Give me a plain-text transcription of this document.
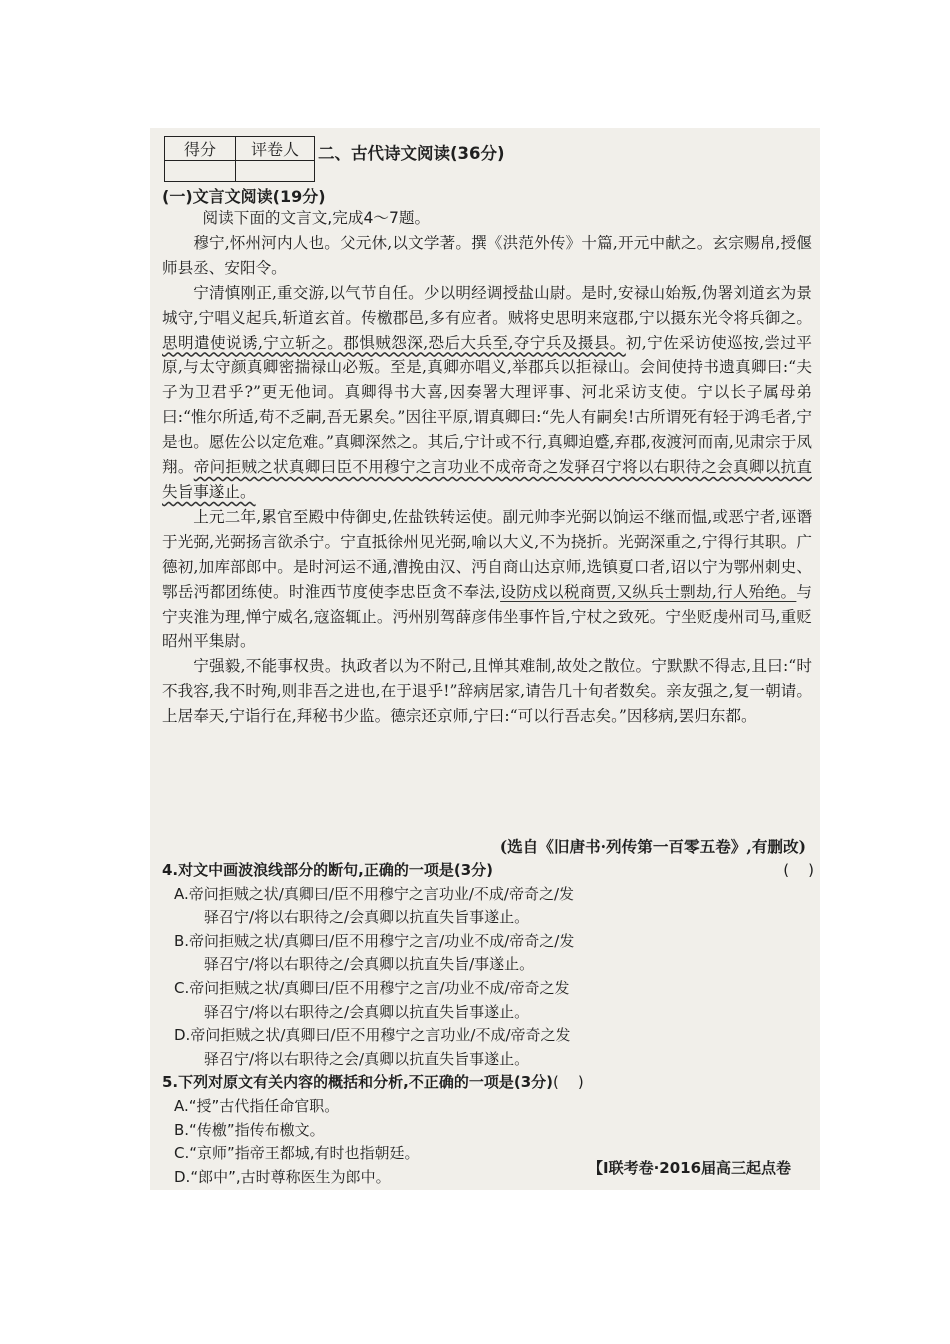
得分	评卷人
	二、古代诗文阅读(36分)
(一)文言文阅读(19分)

阅读下面的文言文,完成4～7题。

穆宁,怀州河内人也。父元休,以文学著。撰《洪范外传》十篇,开元中献之。玄宗赐帛,授偃师县丞、安阳令。

宁清慎刚正,重交游,以气节自任。少以明经调授盐山尉。是时,安禄山始叛,伪署刘道玄为景城守,宁唱义起兵,斩道玄首。传檄郡邑,多有应者。贼将史思明来寇郡,宁以摄东光令将兵御之。思明遣使说诱,宁立斩之。郡惧贼怨深,恐后大兵至,夺宁兵及摄县。初,宁佐采访使巡按,尝过平原,与太守颜真卿密揣禄山必叛。至是,真卿亦唱义,举郡兵以拒禄山。会间使持书遗真卿曰:“夫子为卫君乎?”更无他词。真卿得书大喜,因奏署大理评事、河北采访支使。宁以长子属母弟曰:“惟尔所适,苟不乏嗣,吾无累矣。”因往平原,谓真卿曰:“先人有嗣矣!古所谓死有轻于鸿毛者,宁是也。愿佐公以定危难。”真卿深然之。其后,宁计或不行,真卿迫蹙,弃郡,夜渡河而南,见肃宗于凤翔。帝问拒贼之状真卿曰臣不用穆宁之言功业不成帝奇之发驿召宁将以右职待之会真卿以抗直失旨事遂止。

上元二年,累官至殿中侍御史,佐盐铁转运使。副元帅李光弼以饷运不继而愠,或恶宁者,诬谮于光弼,光弼扬言欲杀宁。宁直抵徐州见光弼,喻以大义,不为挠折。光弼深重之,宁得行其职。广德初,加库部郎中。是时河运不通,漕挽由汉、沔自商山达京师,选镇夏口者,诏以宁为鄂州刺史、鄂岳沔都团练使。时淮西节度使李忠臣贪不奉法,设防戍以税商贾,又纵兵士剽劫,行人殆绝。与宁夹淮为理,惮宁威名,寇盗辄止。沔州别驾薛彦伟坐事忤旨,宁杖之致死。宁坐贬虔州司马,重贬昭州平集尉。

宁强毅,不能事权贵。执政者以为不附己,且惮其难制,故处之散位。宁默默不得志,且曰:“时不我容,我不时殉,则非吾之进也,在于退乎!”辞病居家,请告几十旬者数矣。亲友强之,复一朝请。上居奉天,宁诣行在,拜秘书少监。德宗还京师,宁曰:“可以行吾志矣。”因移病,罢归东都。

(选自《旧唐书·列传第一百零五卷》,有删改)
4.对文中画波浪线部分的断句,正确的一项是(3分)	(    )
A.帝问拒贼之状/真卿曰/臣不用穆宁之言功业/不成/帝奇之/发
驿召宁/将以右职待之/会真卿以抗直失旨事遂止。
B.帝问拒贼之状/真卿曰/臣不用穆宁之言/功业不成/帝奇之/发
驿召宁/将以右职待之/会真卿以抗直失旨/事遂止。
C.帝问拒贼之状/真卿曰/臣不用穆宁之言/功业不成/帝奇之发
驿召宁/将以右职待之/会真卿以抗直失旨事遂止。
D.帝问拒贼之状/真卿曰/臣不用穆宁之言功业/不成/帝奇之发
驿召宁/将以右职待之会/真卿以抗直失旨事遂止。
5.下列对原文有关内容的概括和分析,不正确的一项是(3分) (    )
A.“授”古代指任命官职。
B.“传檄”指传布檄文。
C.“京师”指帝王都城,有时也指朝廷。
D.“郎中”,古时尊称医生为郎中。	【Ⅰ联考卷·2016届高三起点卷
